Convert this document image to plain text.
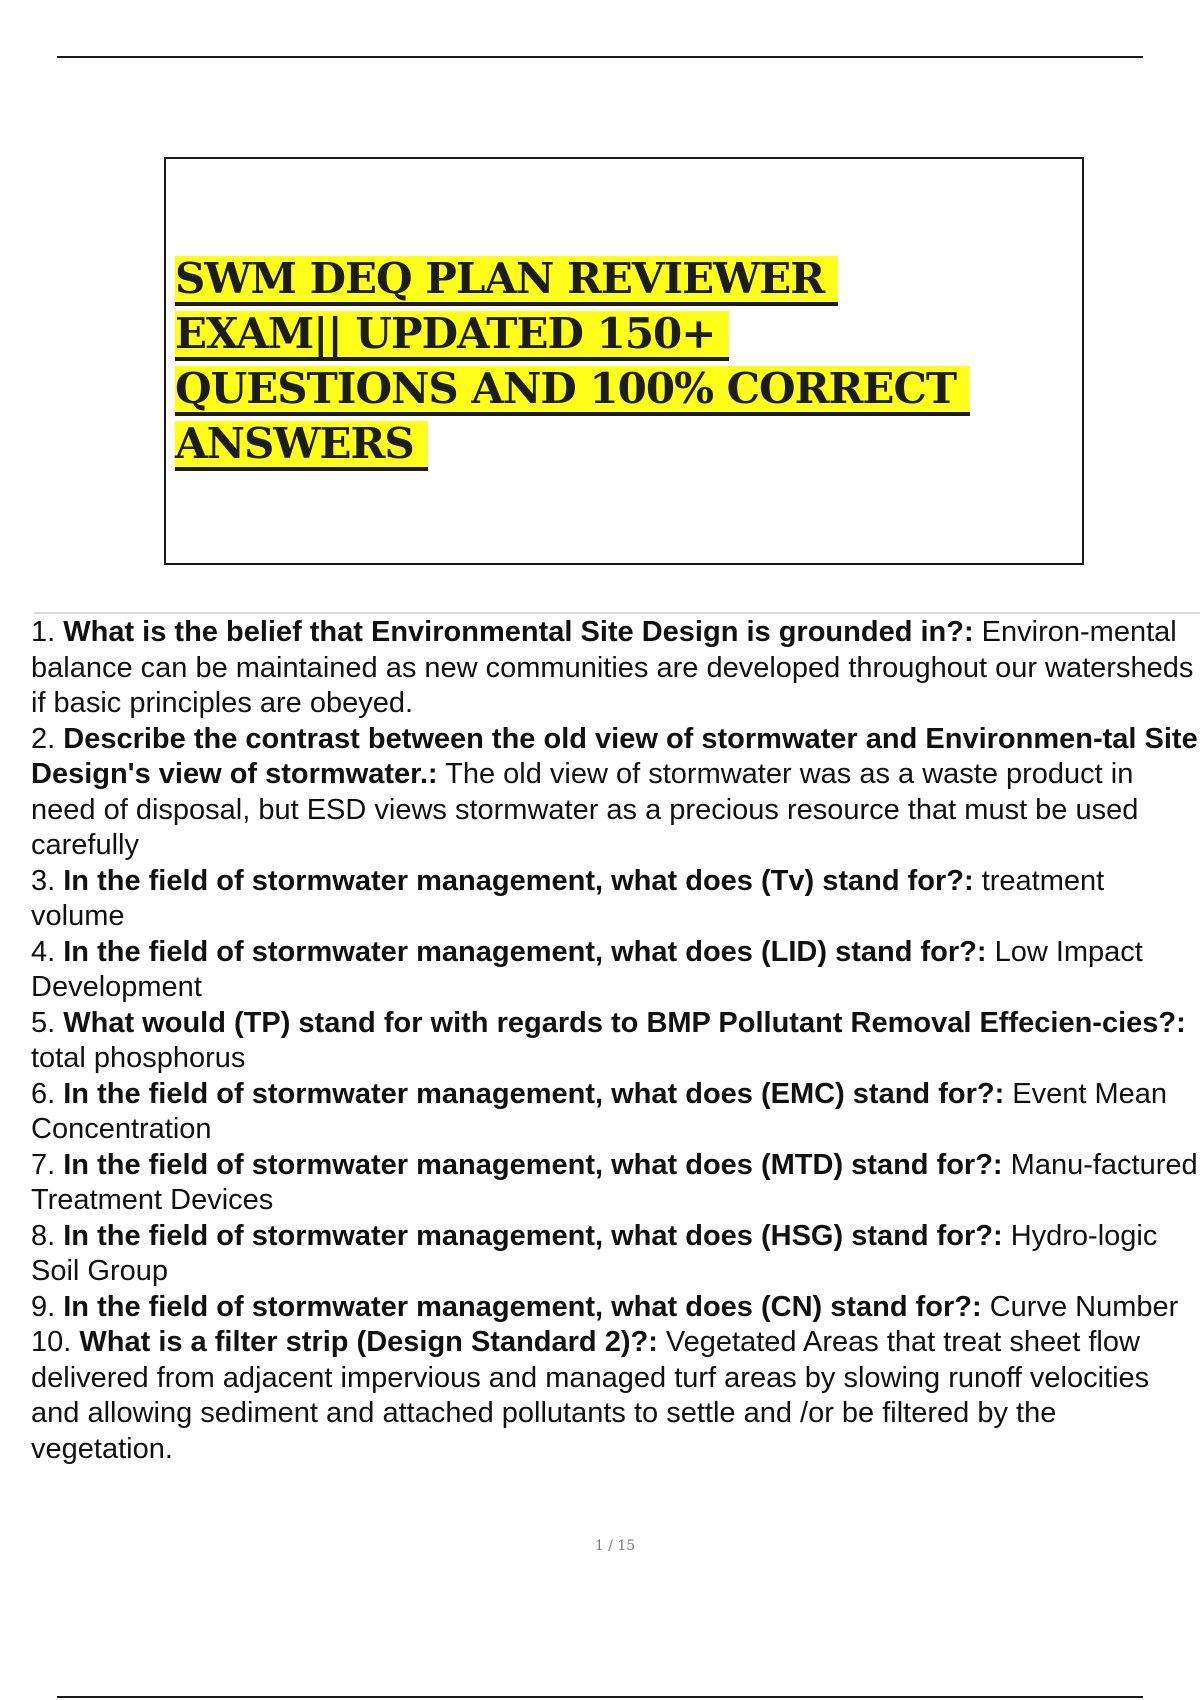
SWM DEQ PLAN REVIEWER
EXAM|| UPDATED 150+
QUESTIONS AND 100% CORRECT
ANSWERS
1. What is the belief that Environmental Site Design is grounded in?: Environ-mental balance can be maintained as new communities are developed throughout our watersheds if basic principles are obeyed.
2. Describe the contrast between the old view of stormwater and Environmen-tal Site Design's view of stormwater.: The old view of stormwater was as a waste product in need of disposal, but ESD views stormwater as a precious resource that must be used carefully
3. In the field of stormwater management, what does (Tv) stand for?: treatment volume
4. In the field of stormwater management, what does (LID) stand for?: Low Impact Development
5. What would (TP) stand for with regards to BMP Pollutant Removal Effecien-cies?: total phosphorus
6. In the field of stormwater management, what does (EMC) stand for?: Event Mean Concentration
7. In the field of stormwater management, what does (MTD) stand for?: Manu-factured Treatment Devices
8. In the field of stormwater management, what does (HSG) stand for?: Hydro-logic Soil Group
9. In the field of stormwater management, what does (CN) stand for?: Curve Number
10. What is a filter strip (Design Standard 2)?: Vegetated Areas that treat sheet flow delivered from adjacent impervious and managed turf areas by slowing runoff velocities and allowing sediment and attached pollutants to settle and /or be filtered by the vegetation.
1 / 15
